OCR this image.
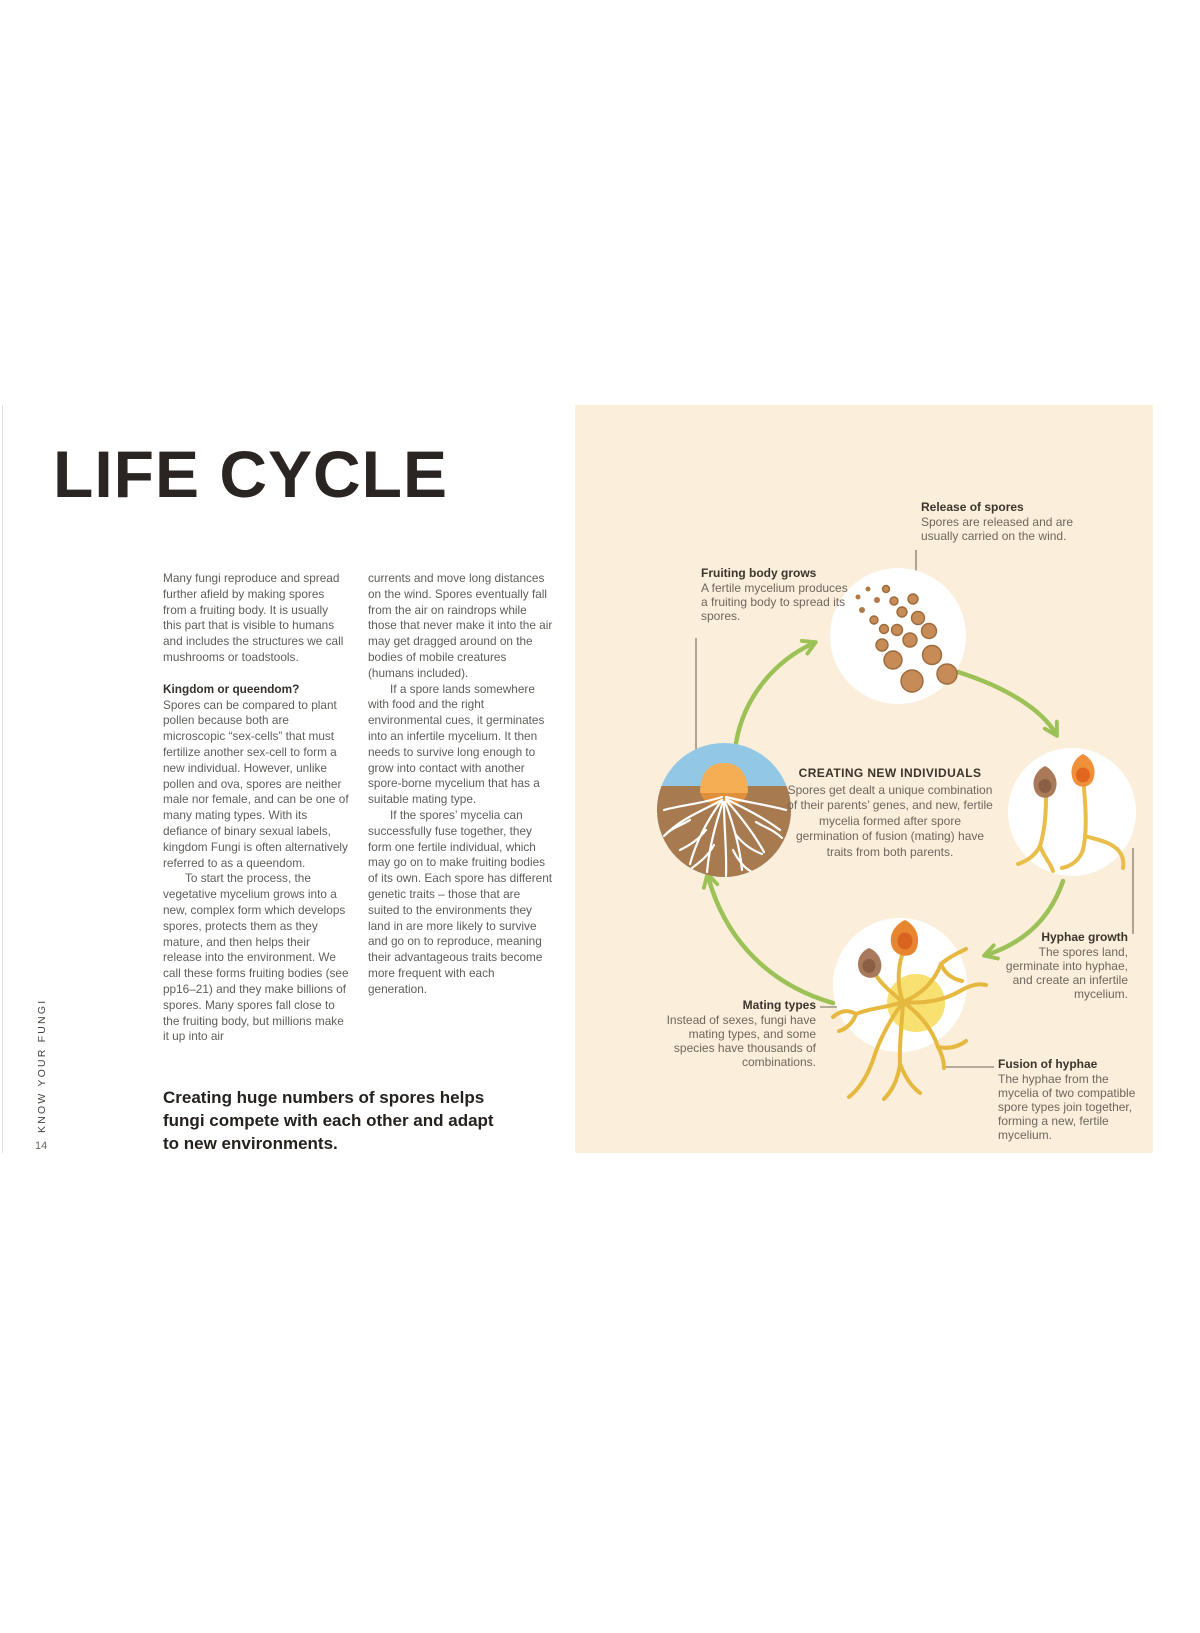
LIFE CYCLE

Many fungi reproduce and spread further afield by making spores from a fruiting body. It is usually this part that is visible to humans and includes the structures we call mushrooms or toadstools.

Kingdom or queendom?

Spores can be compared to plant pollen because both are microscopic “sex-cells” that must fertilize another sex-cell to form a new individual. However, unlike pollen and ova, spores are neither male nor female, and can be one of many mating types. With its defiance of binary sexual labels, kingdom Fungi is often alternatively referred to as a queendom.

To start the process, the vegetative mycelium grows into a new, complex form which develops spores, protects them as they mature, and then helps their release into the environment. We call these forms fruiting bodies (see pp16–21) and they make billions of spores. Many spores fall close to the fruiting body, but millions make it up into air

currents and move long distances on the wind. Spores eventually fall from the air on raindrops while those that never make it into the air may get dragged around on the bodies of mobile creatures (humans included).

If a spore lands somewhere with food and the right environmental cues, it germinates into an infertile mycelium. It then needs to survive long enough to grow into contact with another spore-borne mycelium that has a suitable mating type.

If the spores’ mycelia can successfully fuse together, they form one fertile individual, which may go on to make fruiting bodies of its own. Each spore has different genetic traits – those that are suited to the environments they land in are more likely to survive and go on to reproduce, meaning their advantageous traits become more frequent with each generation.

Creating huge numbers of spores helps fungi compete with each other and adapt to new environments.
KNOW YOUR FUNGI
14
Release of spores
Spores are released and are usually carried on the wind.
Fruiting body grows
A fertile mycelium produces a fruiting body to spread its spores.
CREATING NEW INDIVIDUALS
Spores get dealt a unique combination of their parents’ genes, and new, fertile mycelia formed after spore germination of fusion (mating) have traits from both parents.
Hyphae growth
The spores land, germinate into hyphae, and create an infertile mycelium.
Mating types
Instead of sexes, fungi have mating types, and some species have thousands of combinations.	Fusion of hyphae
The hyphae from the mycelia of two compatible spore types join together, forming a new, fertile mycelium.
